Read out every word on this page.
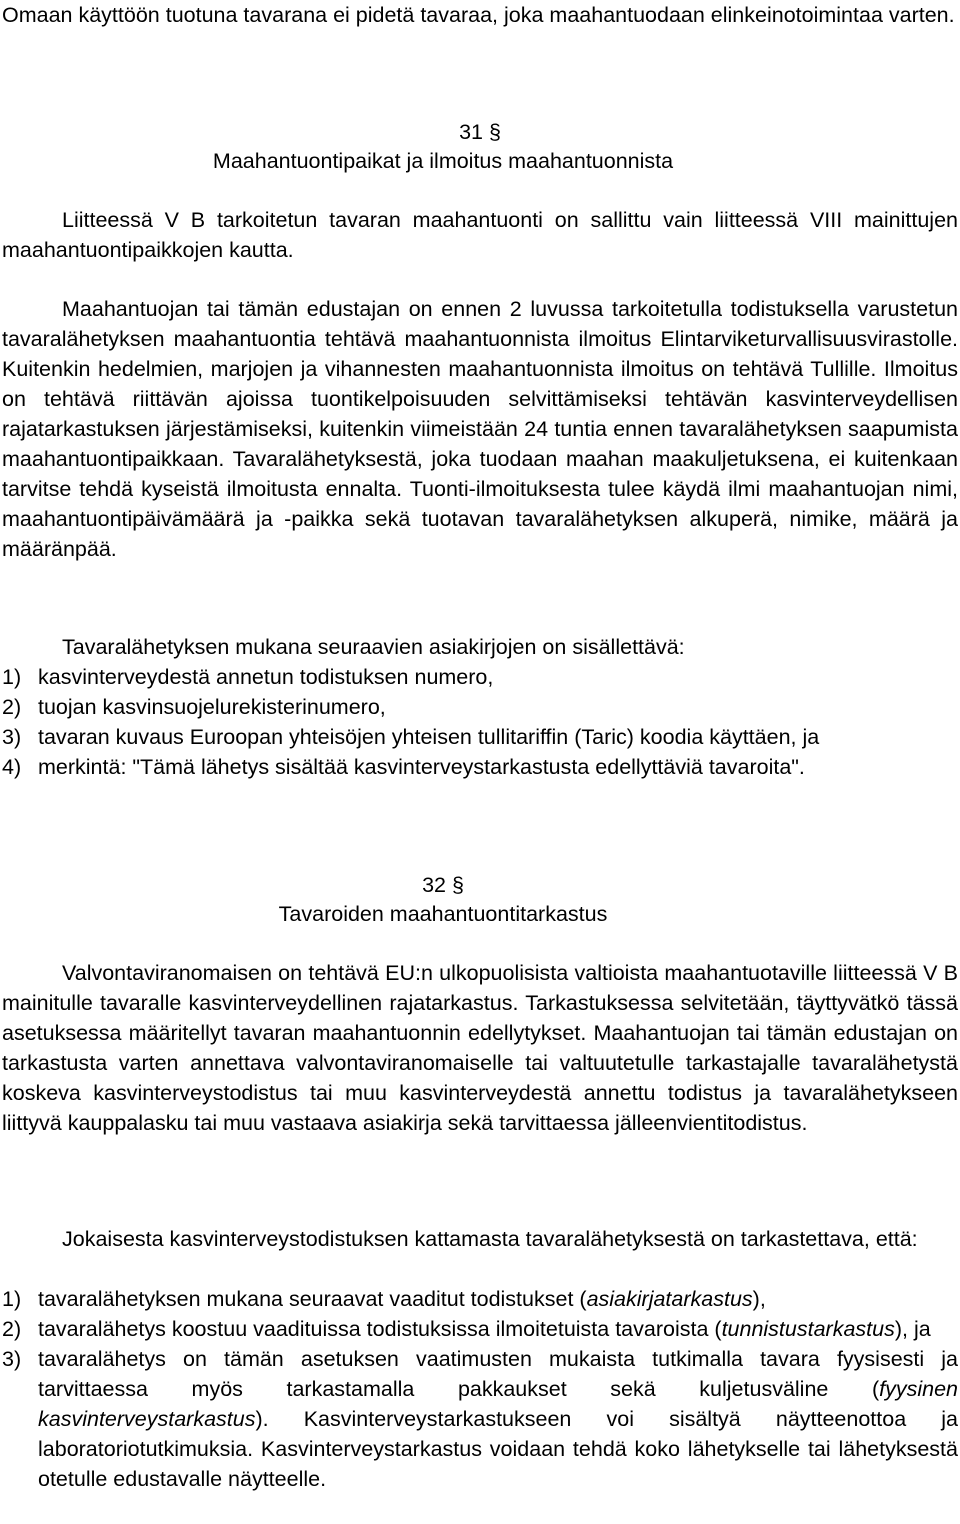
Omaan käyttöön tuotuna tavarana ei pidetä tavaraa, joka maahantuodaan elinkeinotoimintaa varten.

31 §

Maahantuontipaikat ja ilmoitus maahantuonnista

Liitteessä V B tarkoitetun tavaran maahantuonti on sallittu vain liitteessä VIII mainittujen maahantuontipaikkojen kautta.

Maahantuojan tai tämän edustajan on ennen 2 luvussa tarkoitetulla todistuksella varustetun tavaralähetyksen maahantuontia tehtävä maahantuonnista ilmoitus Elintarviketurvallisuusvirastolle. Kuitenkin hedelmien, marjojen ja vihannesten maahantuonnista ilmoitus on tehtävä Tullille. Ilmoitus on tehtävä riittävän ajoissa tuontikelpoisuuden selvittämiseksi tehtävän kasvinterveydellisen rajatarkastuksen järjestämiseksi, kuitenkin viimeistään 24 tuntia ennen tavaralähetyksen saapumista maahantuontipaikkaan. Tavaralähetyksestä, joka tuodaan maahan maakuljetuksena, ei kuitenkaan tarvitse tehdä kyseistä ilmoitusta ennalta. Tuonti-ilmoituksesta tulee käydä ilmi maahantuojan nimi, maahantuontipäivämäärä ja -paikka sekä tuotavan tavaralähetyksen alkuperä, nimike, määrä ja määränpää.

Tavaralähetyksen mukana seuraavien asiakirjojen on sisällettävä:

1) kasvinterveydestä annetun todistuksen numero,
2) tuojan kasvinsuojelurekisterinumero,
3) tavaran kuvaus Euroopan yhteisöjen yhteisen tullitariffin (Taric) koodia käyttäen, ja
4) merkintä: "Tämä lähetys sisältää kasvinterveystarkastusta edellyttäviä tavaroita".

32 §

Tavaroiden maahantuontitarkastus

Valvontaviranomaisen on tehtävä EU:n ulkopuolisista valtioista maahantuotaville liitteessä V B mainitulle tavaralle kasvinterveydellinen rajatarkastus. Tarkastuksessa selvitetään, täyttyvätkö tässä asetuksessa määritellyt tavaran maahantuonnin edellytykset. Maahantuojan tai tämän edustajan on tarkastusta varten annettava valvontaviranomaiselle tai valtuutetulle tarkastajalle tavaralähetystä koskeva kasvinterveystodistus tai muu kasvinterveydestä annettu todistus ja tavaralähetykseen liittyvä kauppalasku tai muu vastaava asiakirja sekä tarvittaessa jälleenvientitodistus.

Jokaisesta kasvinterveystodistuksen kattamasta tavaralähetyksestä on tarkastettava, että:

1) tavaralähetyksen mukana seuraavat vaaditut todistukset (asiakirjatarkastus),
2) tavaralähetys koostuu vaadituissa todistuksissa ilmoitetuista tavaroista (tunnistustarkastus), ja
3) tavaralähetys on tämän asetuksen vaatimusten mukaista tutkimalla tavara fyysisesti ja tarvittaessa myös tarkastamalla pakkaukset sekä kuljetusväline (fyysinen kasvinterveystarkastus). Kasvinterveystarkastukseen voi sisältyä näytteenottoa ja laboratoriotutkimuksia. Kasvinterveystarkastus voidaan tehdä koko lähetykselle tai lähetyksestä otetulle edustavalle näytteelle.
